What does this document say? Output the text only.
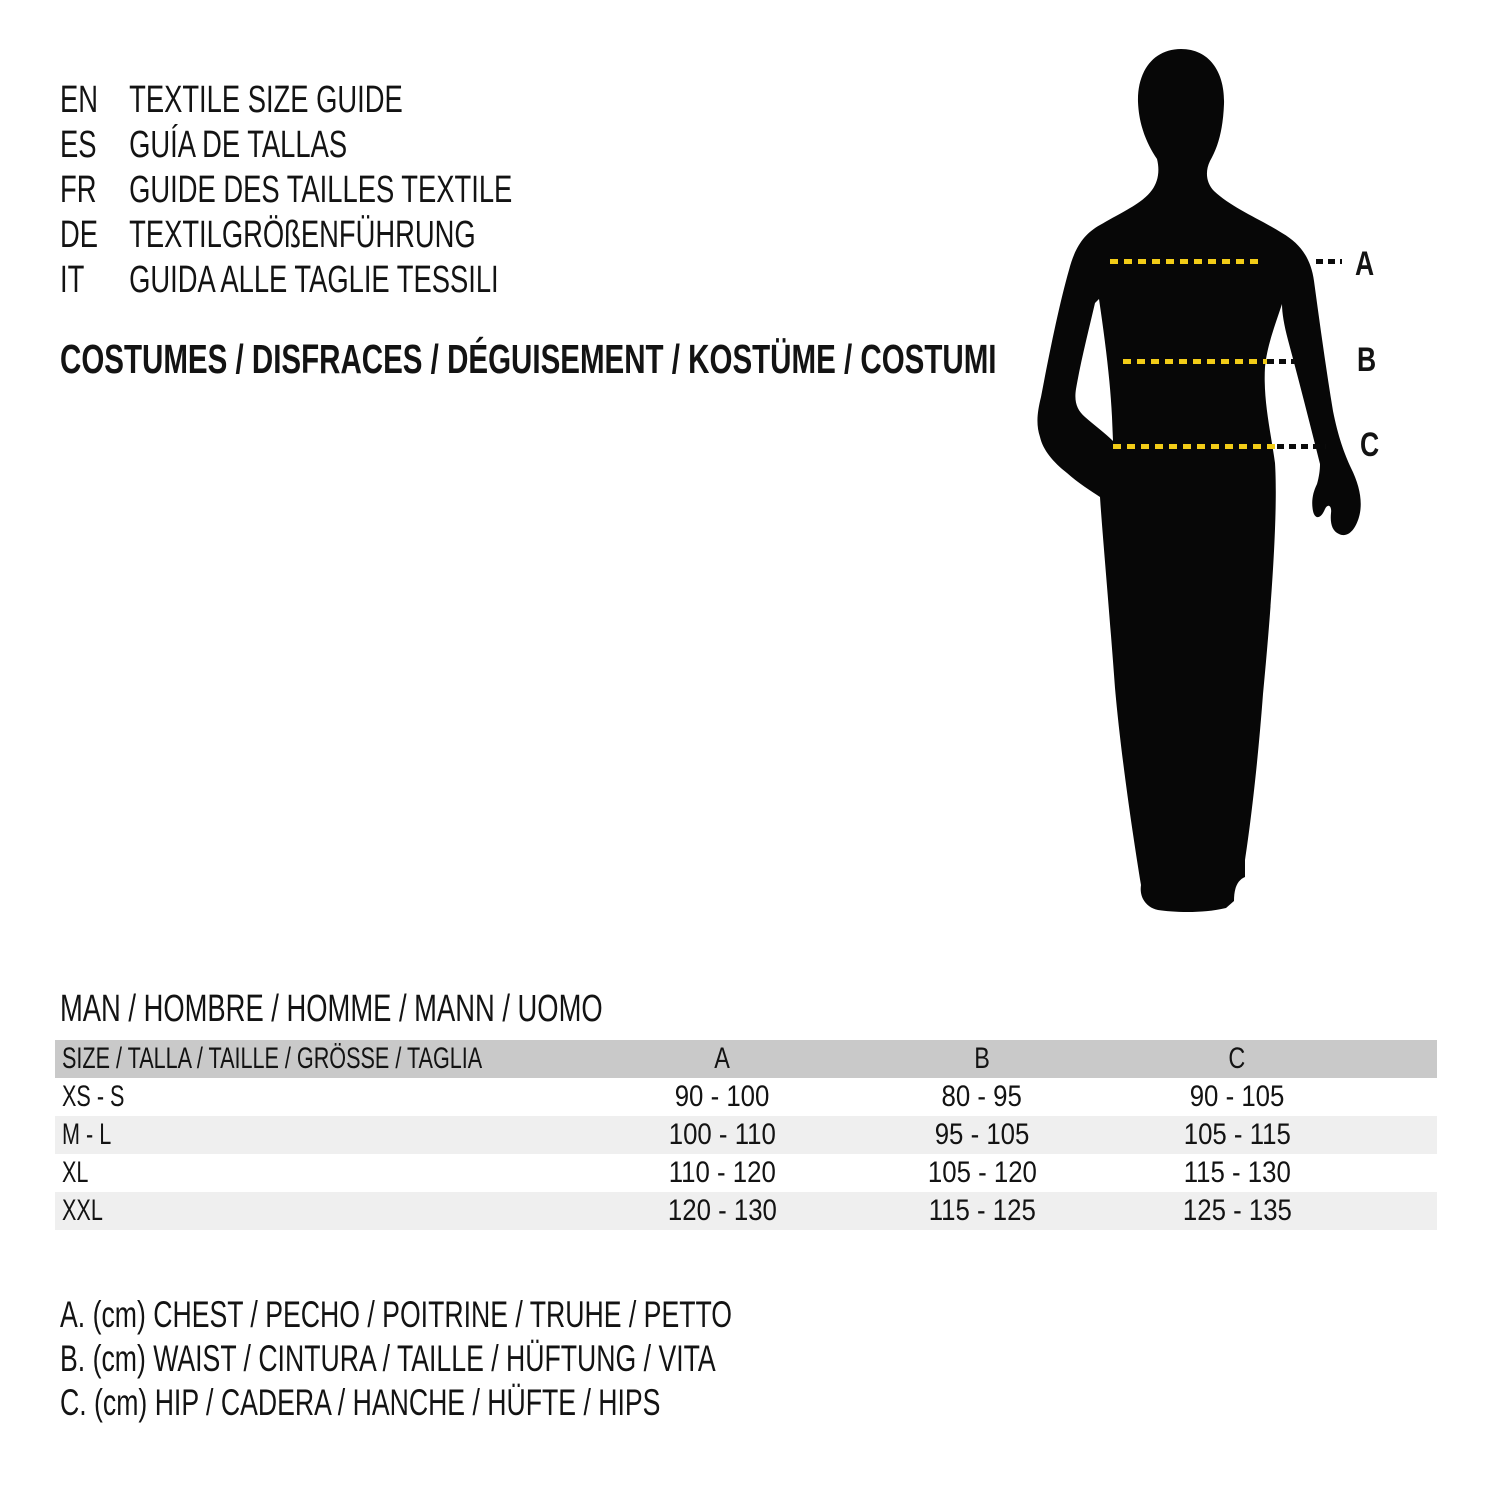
EN TEXTILE SIZE GUIDE
ES GUÍA DE TALLAS
FR GUIDE DES TAILLES TEXTILE
DE TEXTILGRÖßENFÜHRUNG
IT GUIDA ALLE TAGLIE TESSILI
COSTUMES / DISFRACES / DÉGUISEMENT / KOSTÜME / COSTUMI
A
B
C
MAN / HOMBRE / HOMME / MANN / UOMO
SIZE / TALLA / TAILLE / GRÖSSE / TAGLIA	A	B	C
XS - S	90 - 100	80 - 95	90 - 105
M - L	100 - 110	95 - 105	105 - 115
XL	110 - 120	105 - 120	115 - 130
XXL	120 - 130	115 - 125	125 - 135
A. (cm) CHEST / PECHO / POITRINE / TRUHE / PETTO
B. (cm) WAIST / CINTURA / TAILLE / HÜFTUNG / VITA
C. (cm) HIP / CADERA / HANCHE / HÜFTE / HIPS
